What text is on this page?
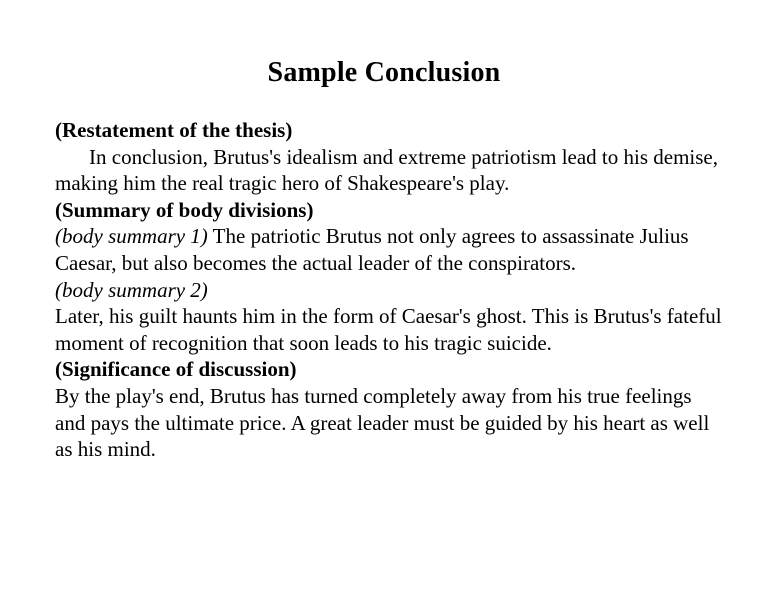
Sample Conclusion
(Restatement of the thesis)
In conclusion, Brutus's idealism and extreme patriotism lead to his demise, making him the real tragic hero of Shakespeare's play.
(Summary of body divisions)
(body summary 1) The patriotic Brutus not only agrees to assassinate Julius Caesar, but also becomes the actual leader of the conspirators.
(body summary 2)
Later, his guilt haunts him in the form of Caesar's ghost. This is Brutus's fateful moment of recognition that soon leads to his tragic suicide.
(Significance of discussion)
By the play's end, Brutus has turned completely away from his true feelings and pays the ultimate price. A great leader must be guided by his heart as well as his mind.
